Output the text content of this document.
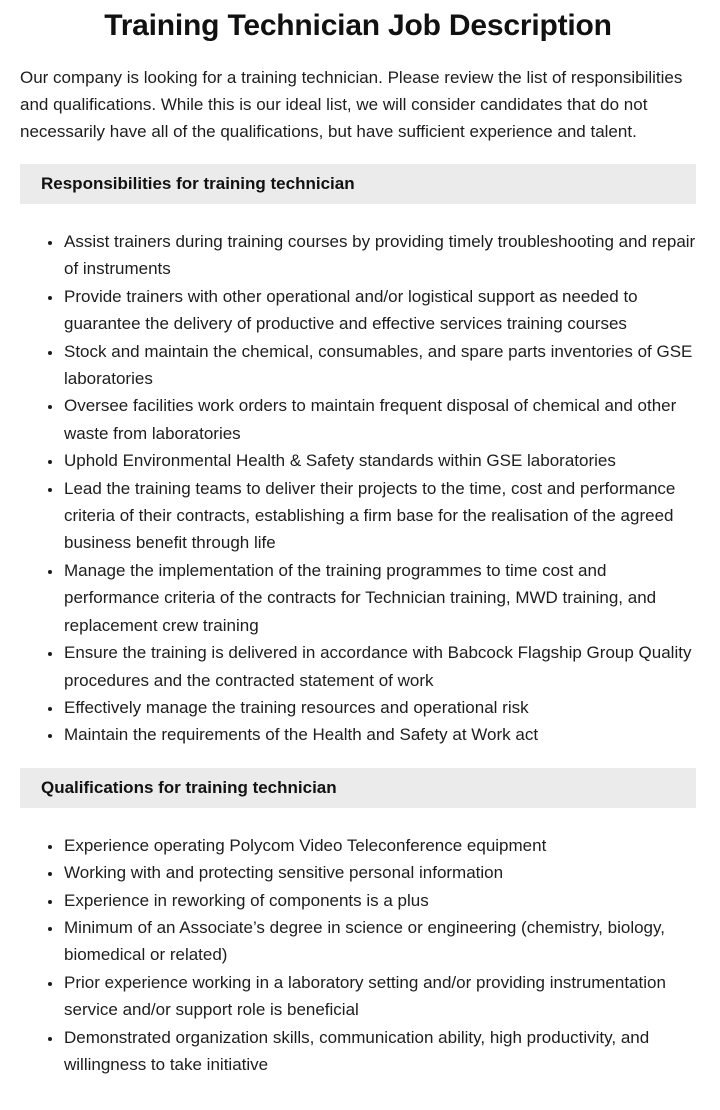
Training Technician Job Description

Our company is looking for a training technician. Please review the list of responsibilities and qualifications. While this is our ideal list, we will consider candidates that do not necessarily have all of the qualifications, but have sufficient experience and talent.

Responsibilities for training technician
• Assist trainers during training courses by providing timely troubleshooting and repair of instruments
• Provide trainers with other operational and/or logistical support as needed to guarantee the delivery of productive and effective services training courses
• Stock and maintain the chemical, consumables, and spare parts inventories of GSE laboratories
• Oversee facilities work orders to maintain frequent disposal of chemical and other waste from laboratories
• Uphold Environmental Health & Safety standards within GSE laboratories
• Lead the training teams to deliver their projects to the time, cost and performance criteria of their contracts, establishing a firm base for the realisation of the agreed business benefit through life
• Manage the implementation of the training programmes to time cost and performance criteria of the contracts for Technician training, MWD training, and replacement crew training
• Ensure the training is delivered in accordance with Babcock Flagship Group Quality procedures and the contracted statement of work
• Effectively manage the training resources and operational risk
• Maintain the requirements of the Health and Safety at Work act
Qualifications for training technician
• Experience operating Polycom Video Teleconference equipment
• Working with and protecting sensitive personal information
• Experience in reworking of components is a plus
• Minimum of an Associate’s degree in science or engineering (chemistry, biology, biomedical or related)
• Prior experience working in a laboratory setting and/or providing instrumentation service and/or support role is beneficial
• Demonstrated organization skills, communication ability, high productivity, and willingness to take initiative
